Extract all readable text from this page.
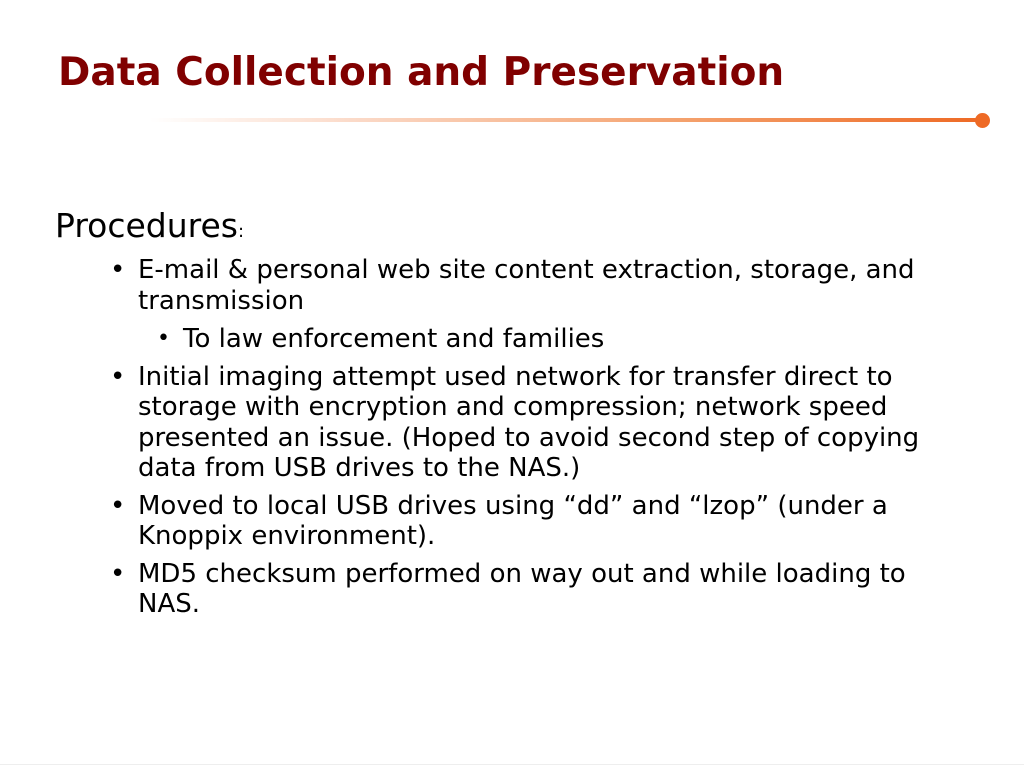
Data Collection and Preservation

Procedures:

• E-mail & personal web site content extraction, storage, and transmission
• To law enforcement and families
• Initial imaging attempt used network for transfer direct to storage with encryption and compression; network speed presented an issue. (Hoped to avoid second step of copying data from USB drives to the NAS.)
• Moved to local USB drives using “dd” and “lzop” (under a Knoppix environment).
• MD5 checksum performed on way out and while loading to NAS.
